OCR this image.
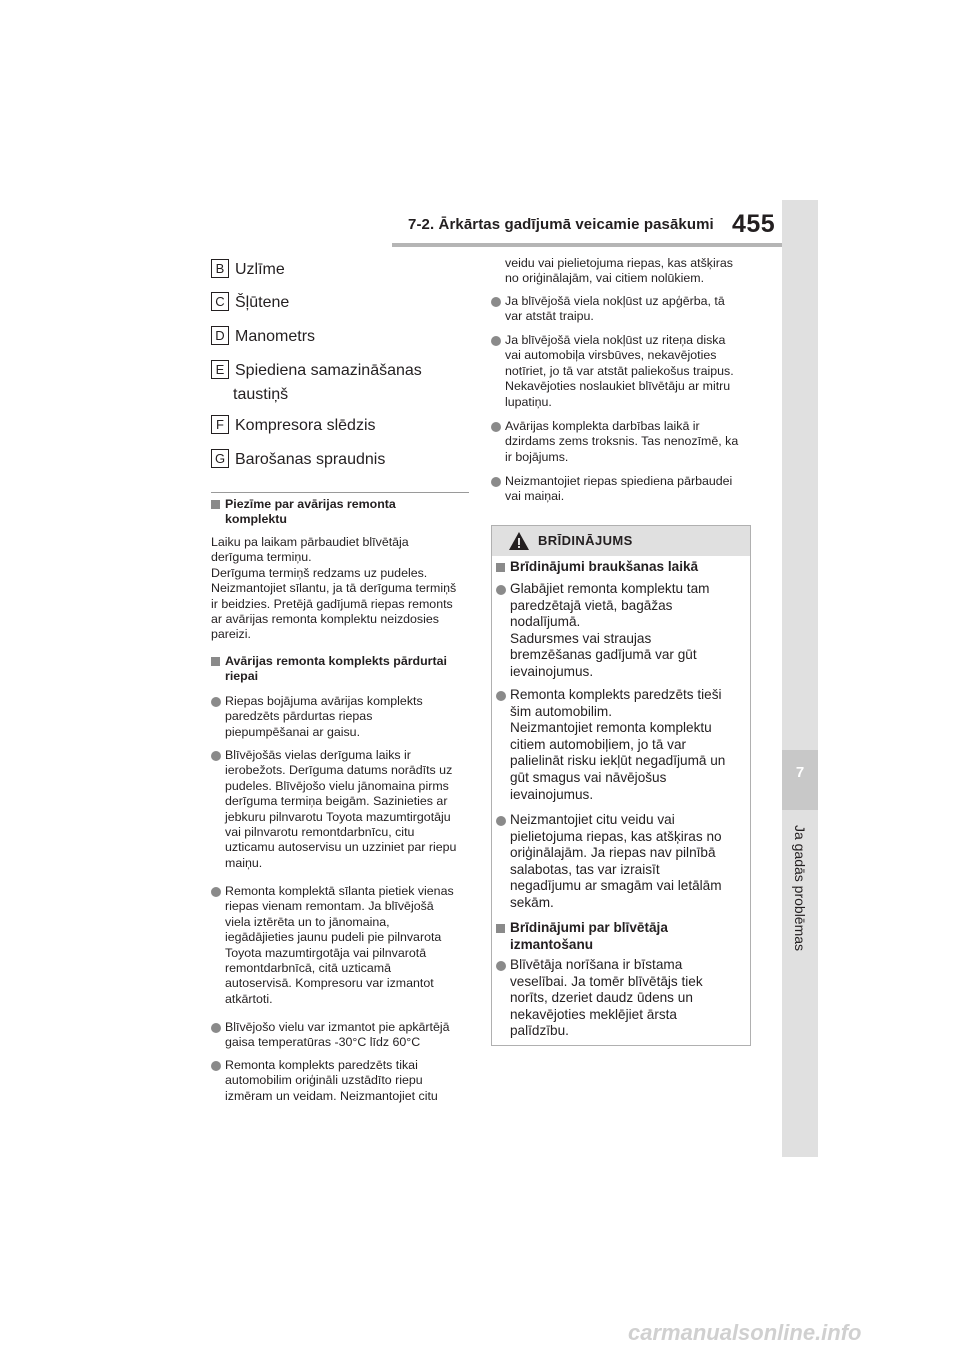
7-2. Ārkārtas gadījumā veicamie pasākumi 455
7
Ja gadās problēmas
B Uzlīme
C Šļūtene
D Manometrs
E Spiediena samazināšanas
taustiņš
F Kompresora slēdzis
G Barošanas spraudnis
Piezīme par avārijas remonta
komplektu
Laiku pa laikam pārbaudiet blīvētāja
derīguma termiņu.
Derīguma termiņš redzams uz pudeles.
Neizmantojiet sīlantu, ja tā derīguma termiņš
ir beidzies. Pretējā gadījumā riepas remonts
ar avārijas remonta komplektu neizdosies
pareizi.
Avārijas remonta komplekts pārdurtai
riepai
Riepas bojājuma avārijas komplekts
paredzēts pārdurtas riepas
piepumpēšanai ar gaisu.
Blīvējošās vielas derīguma laiks ir
ierobežots. Derīguma datums norādīts uz
pudeles. Blīvējošo vielu jānomaina pirms
derīguma termiņa beigām. Sazinieties ar
jebkuru pilnvarotu Toyota mazumtirgotāju
vai pilnvarotu remontdarbnīcu, citu
uzticamu autoservisu un uzziniet par riepu
maiņu.
Remonta komplektā sīlanta pietiek vienas
riepas vienam remontam. Ja blīvējošā
viela iztērēta un to jānomaina,
iegādājieties jaunu pudeli pie pilnvarota
Toyota mazumtirgotāja vai pilnvarotā
remontdarbnīcā, citā uzticamā
autoservisā. Kompresoru var izmantot
atkārtoti.
Blīvējošo vielu var izmantot pie apkārtējā
gaisa temperatūras -30°C līdz 60°C
Remonta komplekts paredzēts tikai
automobilim oriģināli uzstādīto riepu
izmēram un veidam. Neizmantojiet citu
veidu vai pielietojuma riepas, kas atšķiras
no oriģinālajām, vai citiem nolūkiem.
Ja blīvējošā viela nokļūst uz apģērba, tā
var atstāt traipu.
Ja blīvējošā viela nokļūst uz riteņa diska
vai automobiļa virsbūves, nekavējoties
notīriet, jo tā var atstāt paliekošus traipus.
Nekavējoties noslaukiet blīvētāju ar mitru
lupatiņu.
Avārijas komplekta darbības laikā ir
dzirdams zems troksnis. Tas nenozīmē, ka
ir bojājums.
Neizmantojiet riepas spiediena pārbaudei
vai maiņai.
BRĪDINĀJUMS
Brīdinājumi braukšanas laikā
Glabājiet remonta komplektu tam
paredzētajā vietā, bagāžas
nodalījumā.
Sadursmes vai straujas
bremzēšanas gadījumā var gūt
ievainojumus.
Remonta komplekts paredzēts tieši
šim automobilim.
Neizmantojiet remonta komplektu
citiem automobiļiem, jo tā var
palielināt risku iekļūt negadījumā un
gūt smagus vai nāvējošus
ievainojumus.
Neizmantojiet citu veidu vai
pielietojuma riepas, kas atšķiras no
oriģinālajām. Ja riepas nav pilnībā
salabotas, tas var izraisīt
negadījumu ar smagām vai letālām
sekām.
Brīdinājumi par blīvētāja
izmantošanu
Blīvētāja norīšana ir bīstama
veselībai. Ja tomēr blīvētājs tiek
norīts, dzeriet daudz ūdens un
nekavējoties meklējiet ārsta
palīdzību.
carmanualsonline.info
